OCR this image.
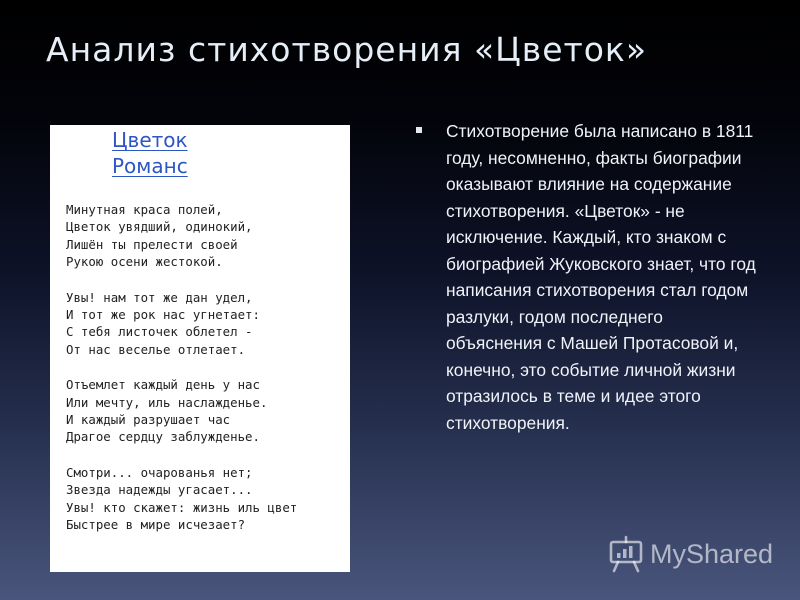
Анализ стихотворения «Цветок»
Цветок
Романс
Минутная краса полей,
Цветок увядший, одинокий,
Лишён ты прелести своей
Рукою осени жестокой.
Увы! нам тот же дан удел,
И тот же рок нас угнетает:
С тебя листочек облетел -
От нас веселье отлетает.
Отъемлет каждый день у нас
Или мечту, иль наслажденье.
И каждый разрушает час
Драгое сердцу заблужденье.
Смотри... очарованья нет;
Звезда надежды угасает...
Увы! кто скажет: жизнь иль цвет
Быстрее в мире исчезает?

Стихотворение была написано в 1811 году, несомненно, факты биографии оказывают влияние на содержание стихотворения. «Цветок» - не исключение. Каждый, кто знаком с биографией Жуковского знает, что год написания стихотворения стал годом разлуки, годом последнего объяснения с Машей Протасовой и, конечно, это событие личной жизни отразилось в теме и идее этого стихотворения.

MyShared
